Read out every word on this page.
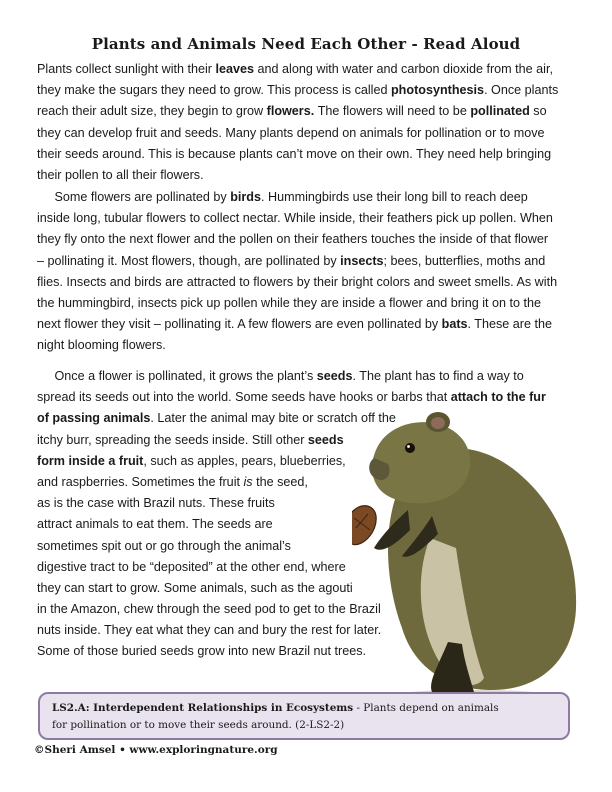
Plants and Animals Need Each Other - Read Aloud
Plants collect sunlight with their leaves and along with water and carbon dioxide from the air,
they make the sugars they need to grow. This process is called photosynthesis. Once plants
reach their adult size, they begin to grow flowers. The flowers will need to be pollinated so
they can develop fruit and seeds. Many plants depend on animals for pollination or to move
their seeds around. This is because plants can’t move on their own. They need help bringing
their pollen to all their flowers.
Some flowers are pollinated by birds. Hummingbirds use their long bill to reach deep
inside long, tubular flowers to collect nectar. While inside, their feathers pick up pollen. When
they fly onto the next flower and the pollen on their feathers touches the inside of that flower
– pollinating it. Most flowers, though, are pollinated by insects; bees, butterflies, moths and
flies. Insects and birds are attracted to flowers by their bright colors and sweet smells. As with
the hummingbird, insects pick up pollen while they are inside a flower and bring it on to the
next flower they visit – pollinating it. A few flowers are even pollinated by bats. These are the
night blooming flowers.
Once a flower is pollinated, it grows the plant’s seeds. The plant has to find a way to
spread its seeds out into the world. Some seeds have hooks or barbs that attach to the fur
of passing animals. Later the animal may bite or scratch off the
itchy burr, spreading the seeds inside. Still other seeds
form inside a fruit, such as apples, pears, blueberries,
and raspberries. Sometimes the fruit is the seed,
as is the case with Brazil nuts. These fruits
attract animals to eat them. The seeds are
sometimes spit out or go through the animal’s
digestive tract to be “deposited” at the other end, where
they can start to grow. Some animals, such as the agouti
in the Amazon, chew through the seed pod to get to the Brazil
nuts inside. They eat what they can and bury the rest for later.
Some of those buried seeds grow into new Brazil nut trees.
LS2.A: Interdependent Relationships in Ecosystems - Plants depend on animals
for pollination or to move their seeds around. (2-LS2-2)
©Sheri Amsel • www.exploringnature.org
